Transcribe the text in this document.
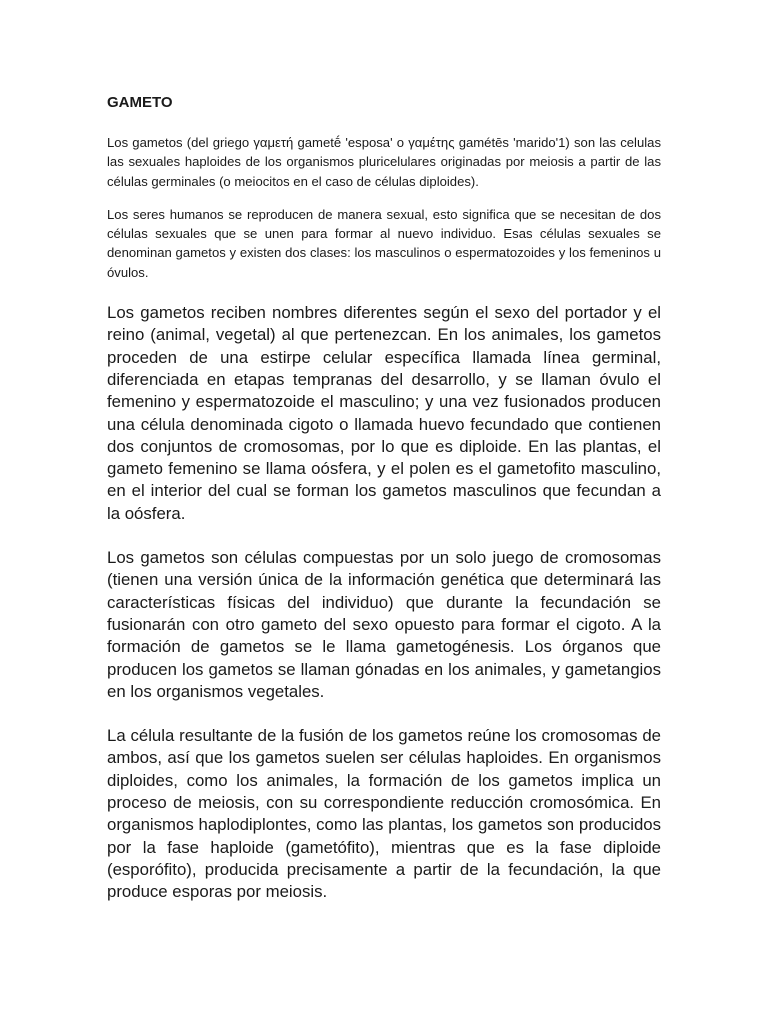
GAMETO

Los gametos (del griego γαμετή gametḗ 'esposa' o γαμέτης gamétēs 'marido'1) son las celulas las sexuales haploides de los organismos pluricelulares originadas por meiosis a partir de las células germinales (o meiocitos en el caso de células diploides).

Los seres humanos se reproducen de manera sexual, esto significa que se necesitan de dos células sexuales que se unen para formar al nuevo individuo. Esas células sexuales se denominan gametos y existen dos clases: los masculinos o espermatozoides y los femeninos u óvulos.

Los gametos reciben nombres diferentes según el sexo del portador y el reino (animal, vegetal) al que pertenezcan. En los animales, los gametos proceden de una estirpe celular específica llamada línea germinal, diferenciada en etapas tempranas del desarrollo, y se llaman óvulo el femenino y espermatozoide el masculino; y una vez fusionados producen una célula denominada cigoto o llamada huevo fecundado que contienen dos conjuntos de cromosomas, por lo que es diploide. En las plantas, el gameto femenino se llama oósfera, y el polen es el gametofito masculino, en el interior del cual se forman los gametos masculinos que fecundan a la oósfera.

Los gametos son células compuestas por un solo juego de cromosomas (tienen una versión única de la información genética que determinará las características físicas del individuo) que durante la fecundación se fusionarán con otro gameto del sexo opuesto para formar el cigoto. A la formación de gametos se le llama gametogénesis. Los órganos que producen los gametos se llaman gónadas en los animales, y gametangios en los organismos vegetales.

La célula resultante de la fusión de los gametos reúne los cromosomas de ambos, así que los gametos suelen ser células haploides. En organismos diploides, como los animales, la formación de los gametos implica un proceso de meiosis, con su correspondiente reducción cromosómica. En organismos haplodiplontes, como las plantas, los gametos son producidos por la fase haploide (gametófito), mientras que es la fase diploide (esporófito), producida precisamente a partir de la fecundación, la que produce esporas por meiosis.
